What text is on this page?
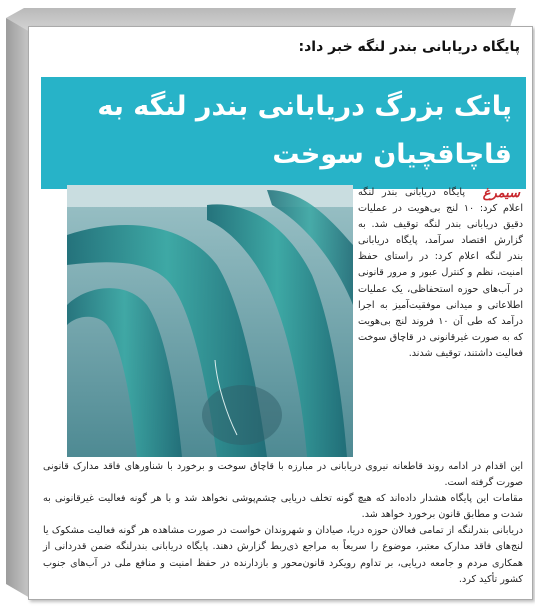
پایگاه دریابانی بندر لنگه خبر داد:
پاتک بزرگ دریابانی بندر لنگه به قاچاقچیان سوخت
سیمرغ
پایگاه دریابانی بندر لنگه اعلام کرد: ۱۰ لنج بی‌هویت در عملیات دقیق دریابانی بندر لنگه توقیف شد. به گزارش اقتصاد سرآمد، پایگاه دریابانی بندر لنگه اعلام کرد: در راستای حفظ امنیت، نظم و کنترل عبور و مرور قانونی در آب‌های حوزه استحفاظی، یک عملیات اطلاعاتی و میدانی موفقیت‌آمیز به اجرا درآمد که طی آن ۱۰ فروند لنج بی‌هویت که به صورت غیرقانونی در قاچاق سوخت فعالیت داشتند، توقیف شدند.

این اقدام در ادامه روند قاطعانه نیروی دریابانی در مبارزه با قاچاق سوخت و برخورد با شناورهای فاقد مدارک قانونی صورت گرفته است.

مقامات این پایگاه هشدار داده‌اند که هیچ گونه تخلف دریایی چشم‌پوشی نخواهد شد و با هر گونه فعالیت غیرقانونی به شدت و مطابق قانون برخورد خواهد شد.

دریابانی بندرلنگه از تمامی فعالان حوزه دریا، صیادان و شهروندان خواست در صورت مشاهده هر گونه فعالیت مشکوک یا لنج‌های فاقد مدارک معتبر، موضوع را سریعاً به مراجع ذی‌ربط گزارش دهند. پایگاه دریابانی بندرلنگه ضمن قدردانی از همکاری مردم و جامعه دریایی، بر تداوم رویکرد قانون‌محور و بازدارنده در حفظ امنیت و منافع ملی در آب‌های جنوب کشور تأکید کرد.
